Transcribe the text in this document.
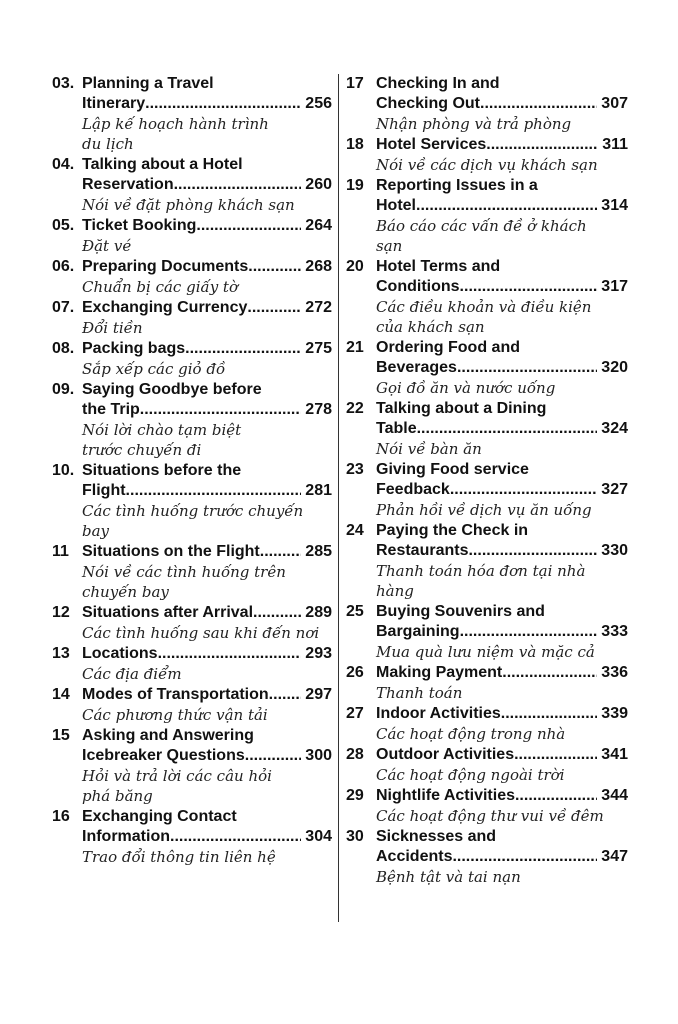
03. Planning a Travel
Itinerary .....	256
Lập kế hoạch hành trình
du lịch
04. Talking about a Hotel
Reservation .....	260
Nói về đặt phòng khách sạn
05. Ticket Booking .....	264
Đặt vé
06. Preparing Documents .....	268
Chuẩn bị các giấy tờ
07. Exchanging Currency .....	272
Đổi tiền
08. Packing bags .....	275
Sắp xếp các giỏ đồ
09. Saying Goodbye before
the Trip .....	278
Nói lời chào tạm biệt
trước chuyến đi
10. Situations before the
Flight .....	281
Các tình huống trước chuyến bay
11 Situations on the Flight. .....	285
Nói về các tình huống trên
chuyến bay
12 Situations after Arrival .....	289
Các tình huống sau khi đến nơi
13 Locations .....	293
Các địa điểm
14 Modes of Transportation ..... 297
Các phương thức vận tải
15 Asking and Answering
Icebreaker Questions .....	300
Hỏi và trả lời các câu hỏi
phá băng
16 Exchanging Contact
Information .....	304
Trao đổi thông tin liên hệ
17 Checking In and
Checking Out .....	307
Nhận phòng và trả phòng
18 Hotel Services .....	311
Nói về các dịch vụ khách sạn
19 Reporting Issues in a
Hotel .....	314
Báo cáo các vấn đề ở khách
sạn
20 Hotel Terms and
Conditions .....	317
Các điều khoản và điều kiện
của khách sạn
21 Ordering Food and
Beverages .....	320
Gọi đồ ăn và nước uống
22 Talking about a Dining
Table .....	324
Nói về bàn ăn
23 Giving Food service
Feedback .....	327
Phản hồi về dịch vụ ăn uống
24 Paying the Check in
Restaurants .....	330
Thanh toán hóa đơn tại nhà
hàng
25 Buying Souvenirs and
Bargaining .....	333
Mua quà lưu niệm và mặc cả
26 Making Payment .....	336
Thanh toán
27 Indoor Activities .....	339
Các hoạt động trong nhà
28 Outdoor Activities .....	341
Các hoạt động ngoài trời
29 Nightlife Activities .....	344
Các hoạt động thư vui về đêm
30 Sicknesses and
Accidents .....	347
Bệnh tật và tai nạn
